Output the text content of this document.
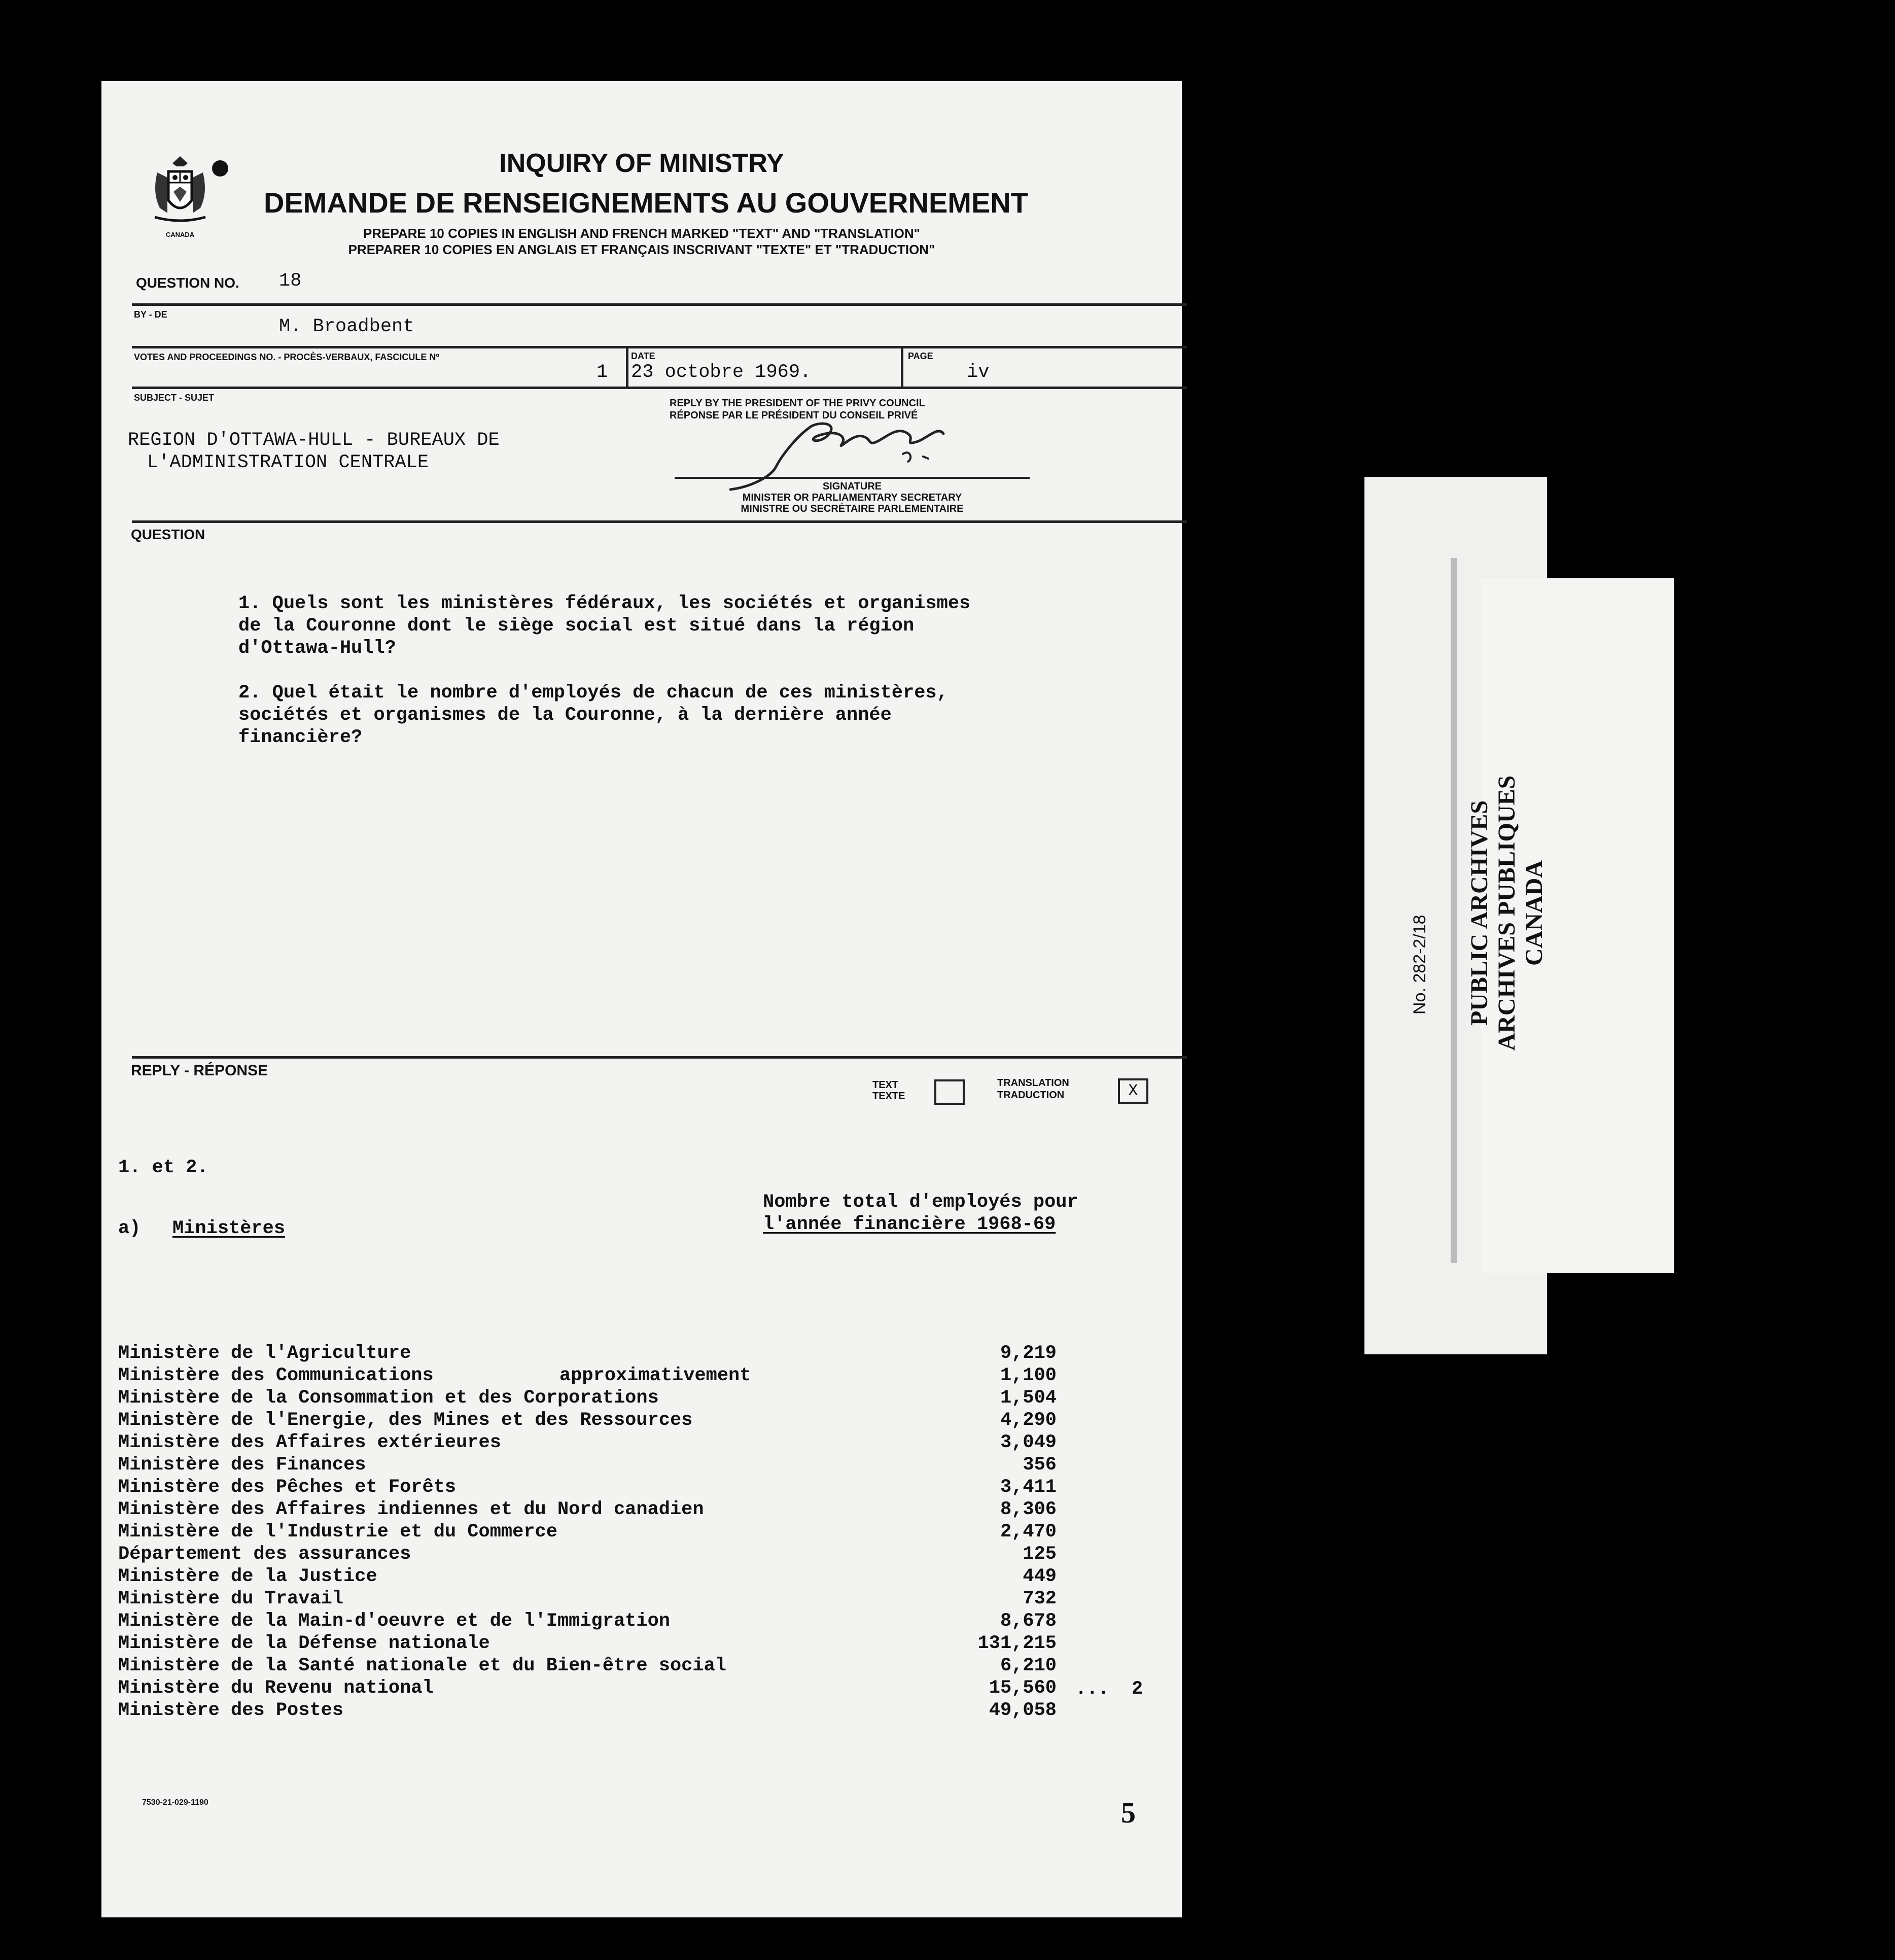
CANADA
INQUIRY OF MINISTRY
DEMANDE DE RENSEIGNEMENTS AU GOUVERNEMENT
PREPARE 10 COPIES IN ENGLISH AND FRENCH MARKED "TEXT" AND "TRANSLATION"
PREPARER 10 COPIES EN ANGLAIS ET FRANÇAIS INSCRIVANT "TEXTE" ET "TRADUCTION"
QUESTION NO. 18
BY - DE
M. Broadbent
VOTES AND PROCEEDINGS NO. - PROCÈS-VERBAUX, FASCICULE Nº
1
DATE
23 octobre 1969.
PAGE
iv
SUBJECT - SUJET
REGION D'OTTAWA-HULL - BUREAUX DE
L'ADMINISTRATION CENTRALE
REPLY BY THE PRESIDENT OF THE PRIVY COUNCIL
RÉPONSE PAR LE PRÉSIDENT DU CONSEIL PRIVÉ
SIGNATURE
MINISTER OR PARLIAMENTARY SECRETARY
MINISTRE OU SECRÉTAIRE PARLEMENTAIRE
QUESTION
1. Quels sont les ministères fédéraux, les sociétés et organismes
de la Couronne dont le siège social est situé dans la région
d'Ottawa-Hull?
2. Quel était le nombre d'employés de chacun de ces ministères,
sociétés et organismes de la Couronne, à la dernière année
financière?
REPLY - RÉPONSE
TEXT
TEXTE
TRANSLATION
TRADUCTION	X
1. et 2.
Nombre total d'employés pour
l'année financière 1968-69
a) Ministères
Ministère de l'Agriculture	9,219
Ministère des Communications	approximativement	1,100
Ministère de la Consommation et des Corporations	1,504
Ministère de l'Energie, des Mines et des Ressources	4,290
Ministère des Affaires extérieures	3,049
Ministère des Finances	356
Ministère des Pêches et Forêts	3,411
Ministère des Affaires indiennes et du Nord canadien	8,306
Ministère de l'Industrie et du Commerce	2,470
Département des assurances	125
Ministère de la Justice	449
Ministère du Travail	732
Ministère de la Main-d'oeuvre et de l'Immigration	8,678
Ministère de la Défense nationale	131,215
Ministère de la Santé nationale et du Bien-être social	6,210
Ministère du Revenu national	15,560
Ministère des Postes	49,058
...  2
7530-21-029-1190	5
No. 282-2/18 PUBLIC ARCHIVES ARCHIVES PUBLIQUES CANADA
